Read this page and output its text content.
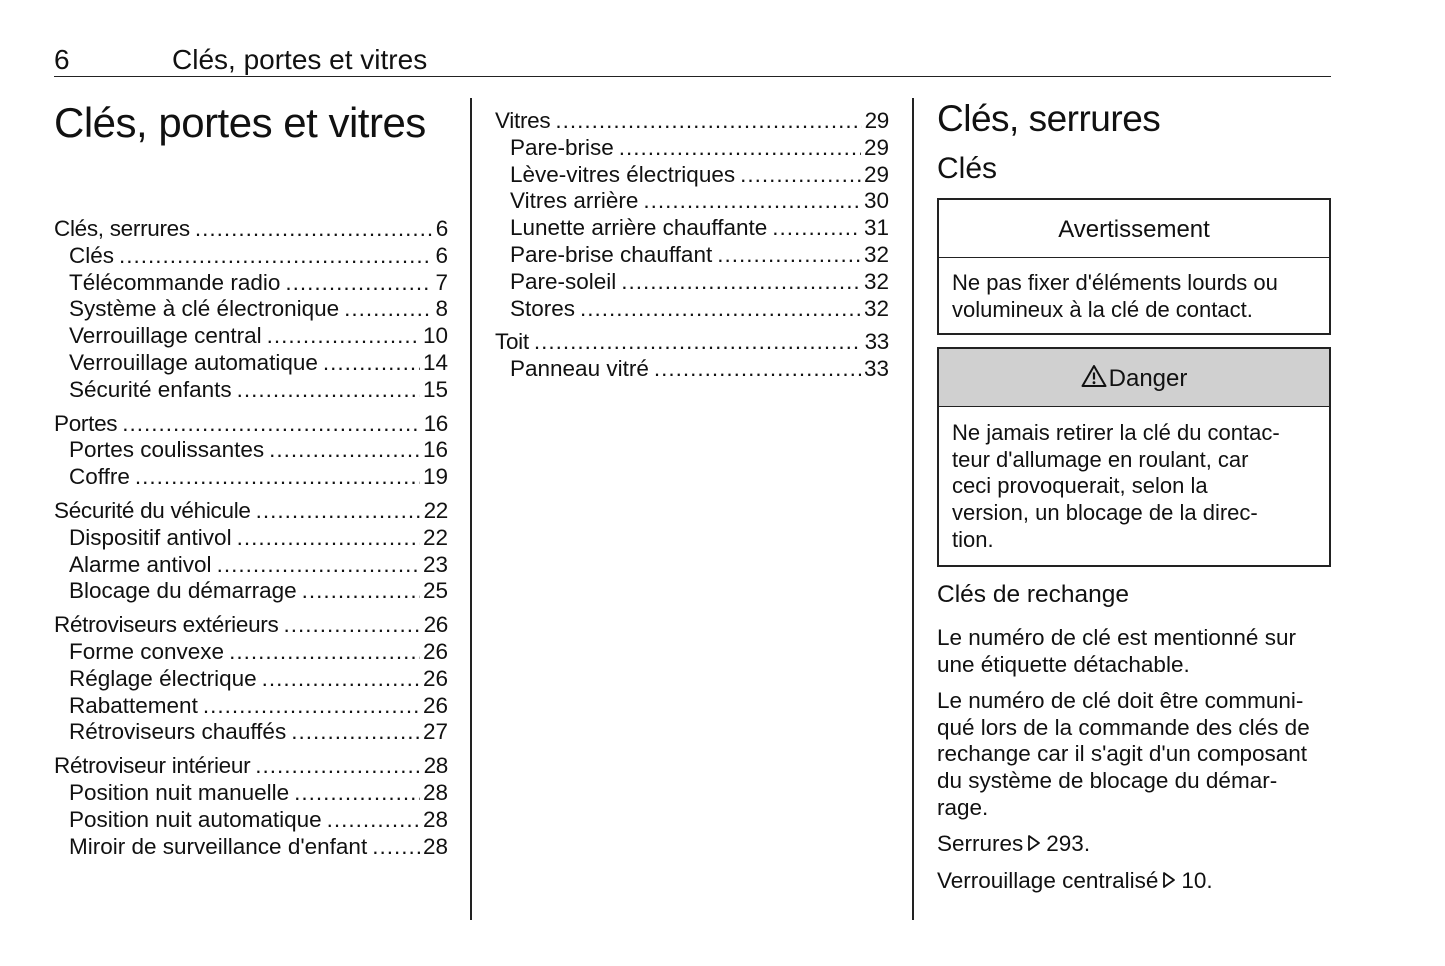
6	Clés, portes et vitres
Clés, portes et vitres
Clés, serrures .....	6
Clés .....	6
Télécommande radio .....	7
Système à clé électronique .....	8
Verrouillage central .....	10
Verrouillage automatique .....	14
Sécurité enfants .....	15
Portes .....	16
Portes coulissantes .....	16
Coffre .....	19
Sécurité du véhicule .....	22
Dispositif antivol .....	22
Alarme antivol .....	23
Blocage du démarrage .....	25
Rétroviseurs extérieurs .....	26
Forme convexe .....	26
Réglage électrique .....	26
Rabattement .....	26
Rétroviseurs chauffés .....	27
Rétroviseur intérieur .....	28
Position nuit manuelle .....	28
Position nuit automatique .....	28
Miroir de surveillance d'enfant ..... 28
Vitres .....	29
Pare-brise .....	29
Lève-vitres électriques .....	29
Vitres arrière .....	30
Lunette arrière chauffante .....	31
Pare-brise chauffant .....	32
Pare-soleil .....	32
Stores .....	32
Toit .....	33
Panneau vitré .....	33
Clés, serrures
Clés
Avertissement
Ne pas fixer d'éléments lourds ou volumineux à la clé de contact.
Danger
Ne jamais retirer la clé du contac-
teur d'allumage en roulant, car
ceci provoquerait, selon la
version, un blocage de la direc-
tion.
Clés de rechange

Le numéro de clé est mentionné sur une étiquette détachable.

Le numéro de clé doit être communi-
qué lors de la commande des clés de
rechange car il s'agit d'un composant
du système de blocage du démar-
rage.

Serrures 293.

Verrouillage centralisé 10.
